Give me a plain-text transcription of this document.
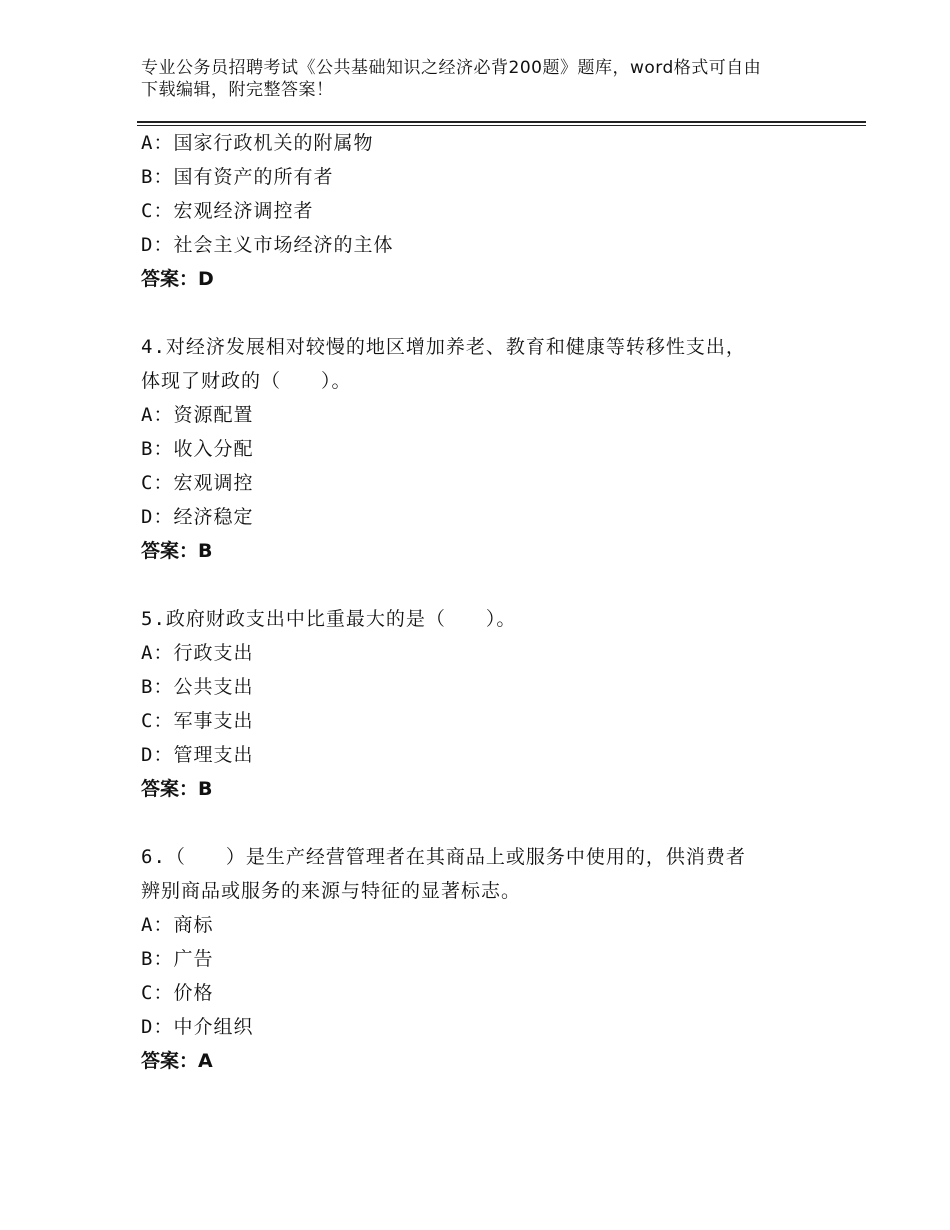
专业公务员招聘考试《公共基础知识之经济必背200题》题库，word格式可自由
下载编辑，附完整答案！
A：国家行政机关的附属物
B：国有资产的所有者
C：宏观经济调控者
D：社会主义市场经济的主体
答案：D
4.对经济发展相对较慢的地区增加养老、教育和健康等转移性支出，
体现了财政的（　　）。
A：资源配置
B：收入分配
C：宏观调控
D：经济稳定
答案：B
5.政府财政支出中比重最大的是（　　）。
A：行政支出
B：公共支出
C：军事支出
D：管理支出
答案：B
6.（　　）是生产经营管理者在其商品上或服务中使用的，供消费者
辨别商品或服务的来源与特征的显著标志。
A：商标
B：广告
C：价格
D：中介组织
答案：A
